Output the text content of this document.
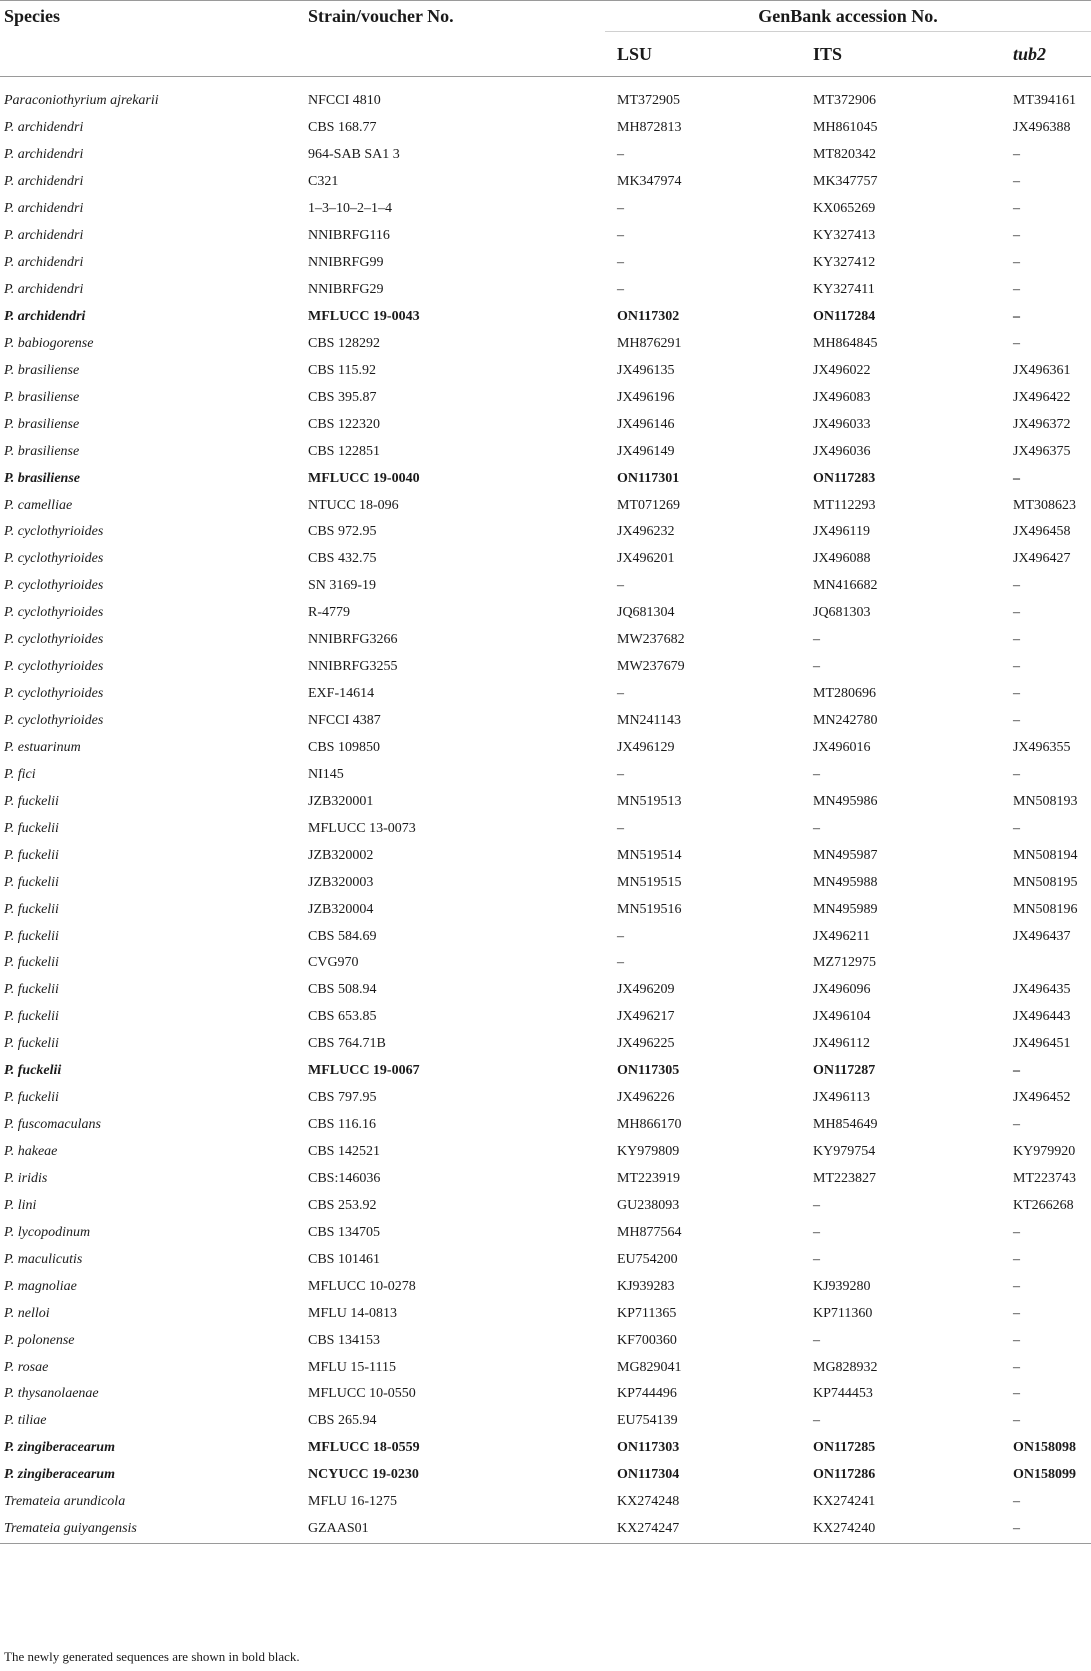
Species	Strain/voucher No.	GenBank accession No.		
		LSU	ITS	tub2

Paraconiothyrium ajrekarii	NFCCI 4810	MT372905	MT372906	MT394161
P. archidendri	CBS 168.77	MH872813	MH861045	JX496388
P. archidendri	964-SAB SA1 3	–	MT820342	–
P. archidendri	C321	MK347974	MK347757	–
P. archidendri	1–3–10–2–1–4	–	KX065269	–
P. archidendri	NNIBRFG116	–	KY327413	–
P. archidendri	NNIBRFG99	–	KY327412	–
P. archidendri	NNIBRFG29	–	KY327411	–
P. archidendri	MFLUCC 19-0043	ON117302	ON117284	–
P. babiogorense	CBS 128292	MH876291	MH864845	–
P. brasiliense	CBS 115.92	JX496135	JX496022	JX496361
P. brasiliense	CBS 395.87	JX496196	JX496083	JX496422
P. brasiliense	CBS 122320	JX496146	JX496033	JX496372
P. brasiliense	CBS 122851	JX496149	JX496036	JX496375
P. brasiliense	MFLUCC 19-0040	ON117301	ON117283	–
P. camelliae	NTUCC 18-096	MT071269	MT112293	MT308623
P. cyclothyrioides	CBS 972.95	JX496232	JX496119	JX496458
P. cyclothyrioides	CBS 432.75	JX496201	JX496088	JX496427
P. cyclothyrioides	SN 3169-19	–	MN416682	–
P. cyclothyrioides	R-4779	JQ681304	JQ681303	–
P. cyclothyrioides	NNIBRFG3266	MW237682	–	–
P. cyclothyrioides	NNIBRFG3255	MW237679	–	–
P. cyclothyrioides	EXF-14614	–	MT280696	–
P. cyclothyrioides	NFCCI 4387	MN241143	MN242780	–
P. estuarinum	CBS 109850	JX496129	JX496016	JX496355
P. fici	NI145	–	–	–
P. fuckelii	JZB320001	MN519513	MN495986	MN508193
P. fuckelii	MFLUCC 13-0073	–	–	–
P. fuckelii	JZB320002	MN519514	MN495987	MN508194
P. fuckelii	JZB320003	MN519515	MN495988	MN508195
P. fuckelii	JZB320004	MN519516	MN495989	MN508196
P. fuckelii	CBS 584.69	–	JX496211	JX496437
P. fuckelii	CVG970	–	MZ712975	
P. fuckelii	CBS 508.94	JX496209	JX496096	JX496435
P. fuckelii	CBS 653.85	JX496217	JX496104	JX496443
P. fuckelii	CBS 764.71B	JX496225	JX496112	JX496451
P. fuckelii	MFLUCC 19-0067	ON117305	ON117287	–
P. fuckelii	CBS 797.95	JX496226	JX496113	JX496452
P. fuscomaculans	CBS 116.16	MH866170	MH854649	–
P. hakeae	CBS 142521	KY979809	KY979754	KY979920
P. iridis	CBS:146036	MT223919	MT223827	MT223743
P. lini	CBS 253.92	GU238093	–	KT266268
P. lycopodinum	CBS 134705	MH877564	–	–
P. maculicutis	CBS 101461	EU754200	–	–
P. magnoliae	MFLUCC 10-0278	KJ939283	KJ939280	–
P. nelloi	MFLU 14-0813	KP711365	KP711360	–
P. polonense	CBS 134153	KF700360	–	–
P. rosae	MFLU 15-1115	MG829041	MG828932	–
P. thysanolaenae	MFLUCC 10-0550	KP744496	KP744453	–
P. tiliae	CBS 265.94	EU754139	–	–
P. zingiberacearum	MFLUCC 18-0559	ON117303	ON117285	ON158098
P. zingiberacearum	NCYUCC 19-0230	ON117304	ON117286	ON158099
Tremateia arundicola	MFLU 16-1275	KX274248	KX274241	–
Tremateia guiyangensis	GZAAS01	KX274247	KX274240	–
The newly generated sequences are shown in bold black.
